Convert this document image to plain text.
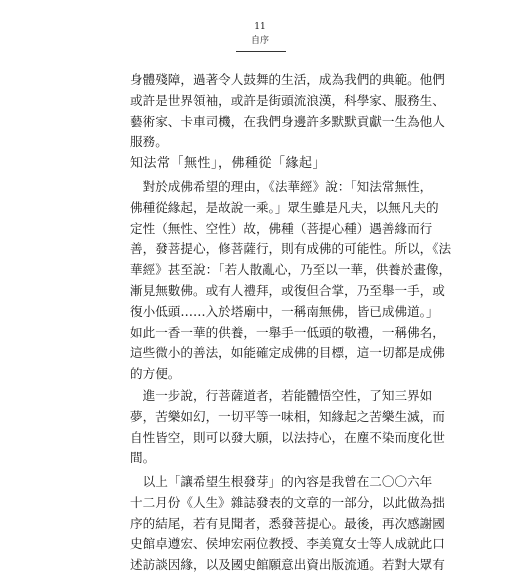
11
自序
身體殘障，過著令人鼓舞的生活，成為我們的典範。他們
或許是世界領袖，或許是街頭流浪漢，科學家、服務生、
藝術家、卡車司機，在我們身邊許多默默貢獻一生為他人
服務。
知法常「無性」，佛種從「緣起」
對於成佛希望的理由，《法華經》說：「知法常無性，
佛種從緣起，是故說一乘。」眾生雖是凡夫，以無凡夫的
定性（無性、空性）故，佛種（菩提心種）遇善緣而行
善，發菩提心，修菩薩行，則有成佛的可能性。所以，《法
華經》甚至說：「若人散亂心，乃至以一華，供養於畫像，
漸見無數佛。或有人禮拜，或復但合掌，乃至舉一手，或
復小低頭……入於塔廟中，一稱南無佛，皆已成佛道。」
如此一香一華的供養，一舉手一低頭的敬禮，一稱佛名，
這些微小的善法，如能確定成佛的目標，這一切都是成佛
的方便。
進一步說，行菩薩道者，若能體悟空性，了知三界如
夢，苦樂如幻，一切平等一味相，知緣起之苦樂生滅，而
自性皆空，則可以發大願，以法持心，在塵不染而度化世
間。
以上「讓希望生根發芽」的內容是我曾在二〇〇六年
十二月份《人生》雜誌發表的文章的一部分，以此做為拙
序的結尾，若有見聞者，悉發菩提心。最後，再次感謝國
史館卓遵宏、侯坤宏兩位教授、李美寬女士等人成就此口
述訪談因緣，以及國史館願意出資出版流通。若對大眾有
